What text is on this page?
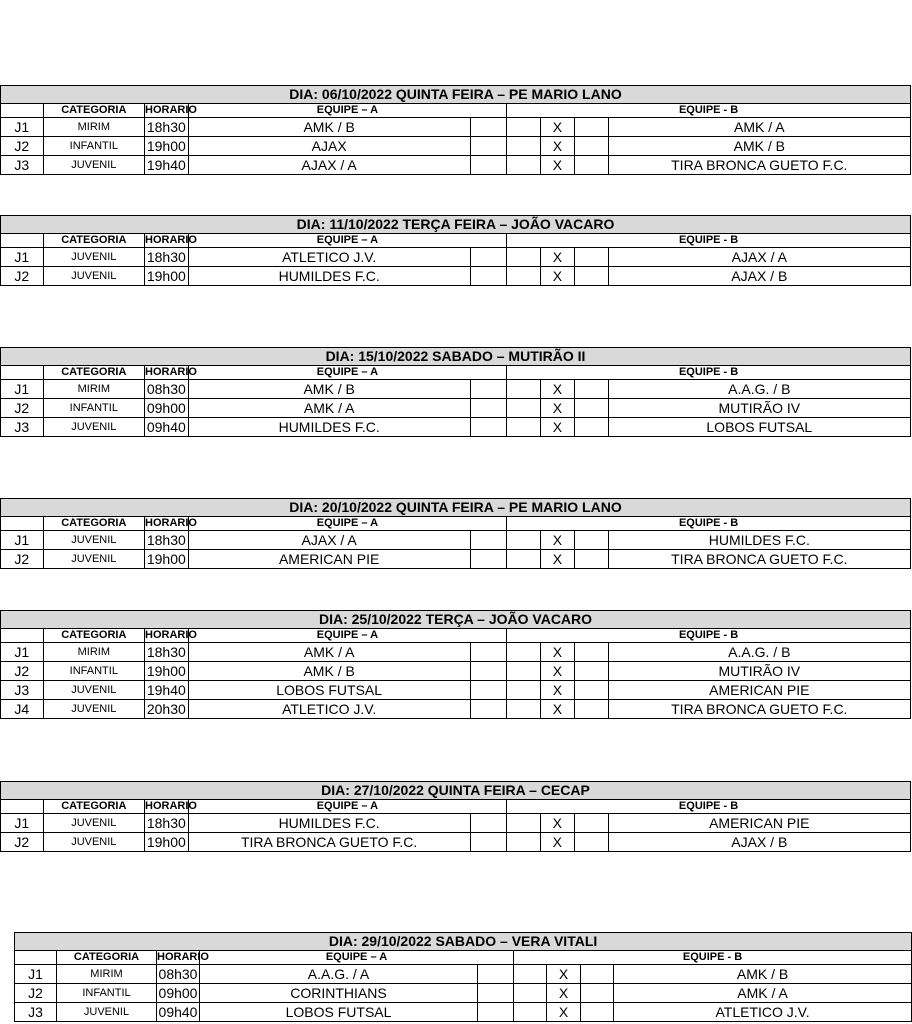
DIA: 06/10/2022 QUINTA FEIRA – PE MARIO LANO								
	CATEGORIA	HORARIO	EQUIPE – A		EQUIPE - B			
J1	MIRIM	18h30	AMK / B			X		AMK / A
J2	INFANTIL	19h00	AJAX			X		AMK / B
J3	JUVENIL	19h40	AJAX / A			X		TIRA BRONCA GUETO F.C.
DIA: 11/10/2022 TERÇA FEIRA – JOÃO VACARO								
	CATEGORIA	HORARIO	EQUIPE – A		EQUIPE - B			
J1	JUVENIL	18h30	ATLETICO J.V.			X		AJAX / A
J2	JUVENIL	19h00	HUMILDES F.C.			X		AJAX / B
DIA: 15/10/2022 SABADO – MUTIRÃO II								
	CATEGORIA	HORARIO	EQUIPE – A		EQUIPE - B			
J1	MIRIM	08h30	AMK / B			X		A.A.G. / B
J2	INFANTIL	09h00	AMK / A			X		MUTIRÃO IV
J3	JUVENIL	09h40	HUMILDES F.C.			X		LOBOS FUTSAL
DIA: 20/10/2022 QUINTA FEIRA – PE MARIO LANO								
	CATEGORIA	HORARIO	EQUIPE – A		EQUIPE - B			
J1	JUVENIL	18h30	AJAX / A			X		HUMILDES F.C.
J2	JUVENIL	19h00	AMERICAN PIE			X		TIRA BRONCA GUETO F.C.
DIA: 25/10/2022 TERÇA – JOÃO VACARO								
	CATEGORIA	HORARIO	EQUIPE – A		EQUIPE - B			
J1	MIRIM	18h30	AMK / A			X		A.A.G. / B
J2	INFANTIL	19h00	AMK / B			X		MUTIRÃO IV
J3	JUVENIL	19h40	LOBOS FUTSAL			X		AMERICAN PIE
J4	JUVENIL	20h30	ATLETICO J.V.			X		TIRA BRONCA GUETO F.C.
DIA: 27/10/2022 QUINTA FEIRA – CECAP								
	CATEGORIA	HORARIO	EQUIPE – A		EQUIPE - B			
J1	JUVENIL	18h30	HUMILDES F.C.			X		AMERICAN PIE
J2	JUVENIL	19h00	TIRA BRONCA GUETO F.C.			X		AJAX / B
DIA: 29/10/2022 SABADO – VERA VITALI								
	CATEGORIA	HORARIO	EQUIPE – A		EQUIPE - B			
J1	MIRIM	08h30	A.A.G. / A			X		AMK / B
J2	INFANTIL	09h00	CORINTHIANS			X		AMK / A
J3	JUVENIL	09h40	LOBOS FUTSAL			X		ATLETICO J.V.
